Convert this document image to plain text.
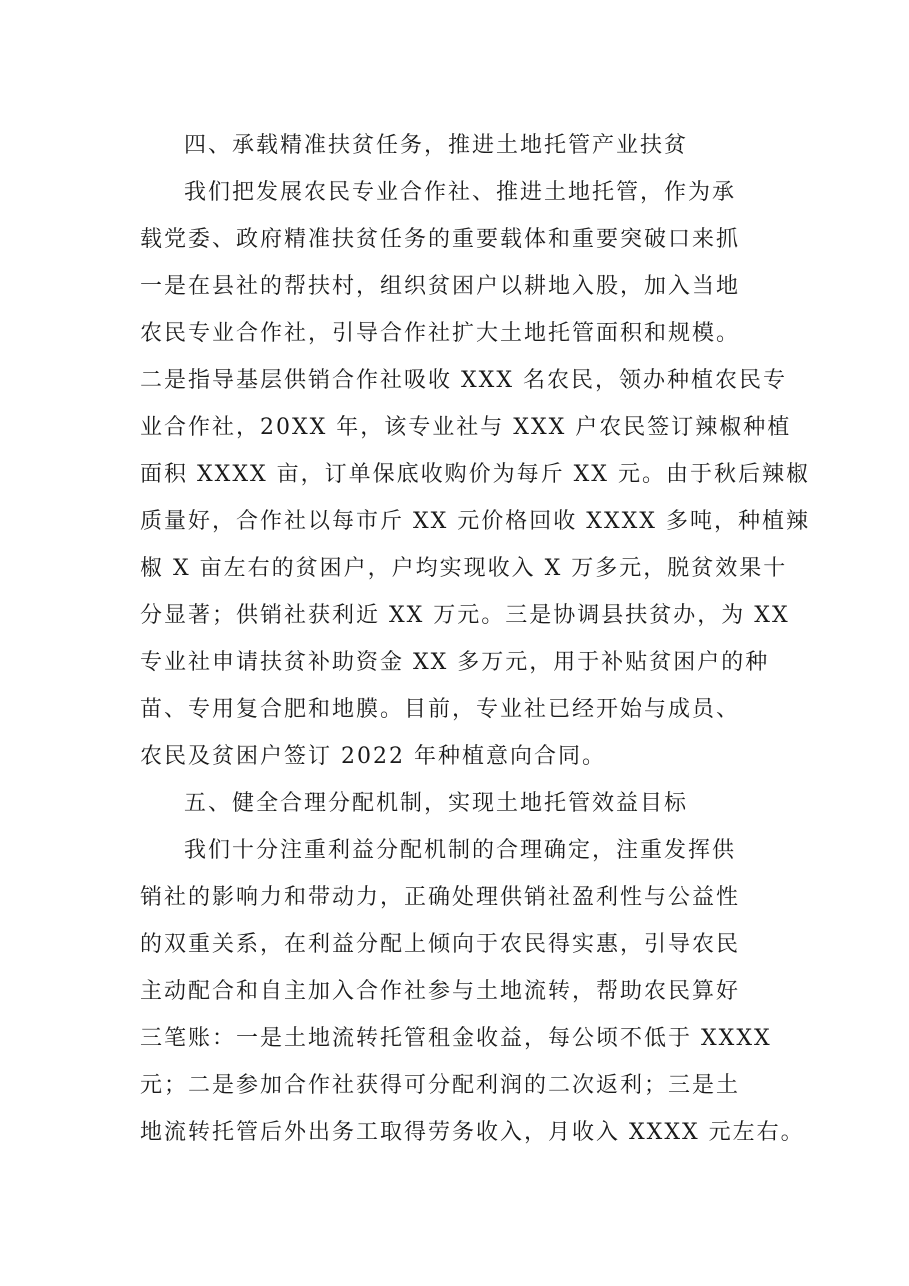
四、承载精准扶贫任务，推进土地托管产业扶贫
我们把发展农民专业合作社、推进土地托管，作为承
载党委、政府精准扶贫任务的重要载体和重要突破口来抓
一是在县社的帮扶村，组织贫困户以耕地入股，加入当地
农民专业合作社，引导合作社扩大土地托管面积和规模。
二是指导基层供销合作社吸收 XXX 名农民，领办种植农民专
业合作社，20XX 年，该专业社与 XXX 户农民签订辣椒种植
面积 XXXX 亩，订单保底收购价为每斤 XX 元。由于秋后辣椒
质量好，合作社以每市斤 XX 元价格回收 XXXX 多吨，种植辣
椒 X 亩左右的贫困户，户均实现收入 X 万多元，脱贫效果十
分显著；供销社获利近 XX 万元。三是协调县扶贫办，为 XX
专业社申请扶贫补助资金 XX 多万元，用于补贴贫困户的种
苗、专用复合肥和地膜。目前，专业社已经开始与成员、
农民及贫困户签订 2022 年种植意向合同。
五、健全合理分配机制，实现土地托管效益目标
我们十分注重利益分配机制的合理确定，注重发挥供
销社的影响力和带动力，正确处理供销社盈利性与公益性
的双重关系，在利益分配上倾向于农民得实惠，引导农民
主动配合和自主加入合作社参与土地流转，帮助农民算好
三笔账：一是土地流转托管租金收益，每公顷不低于 XXXX
元；二是参加合作社获得可分配利润的二次返利；三是土
地流转托管后外出务工取得劳务收入，月收入 XXXX 元左右。
